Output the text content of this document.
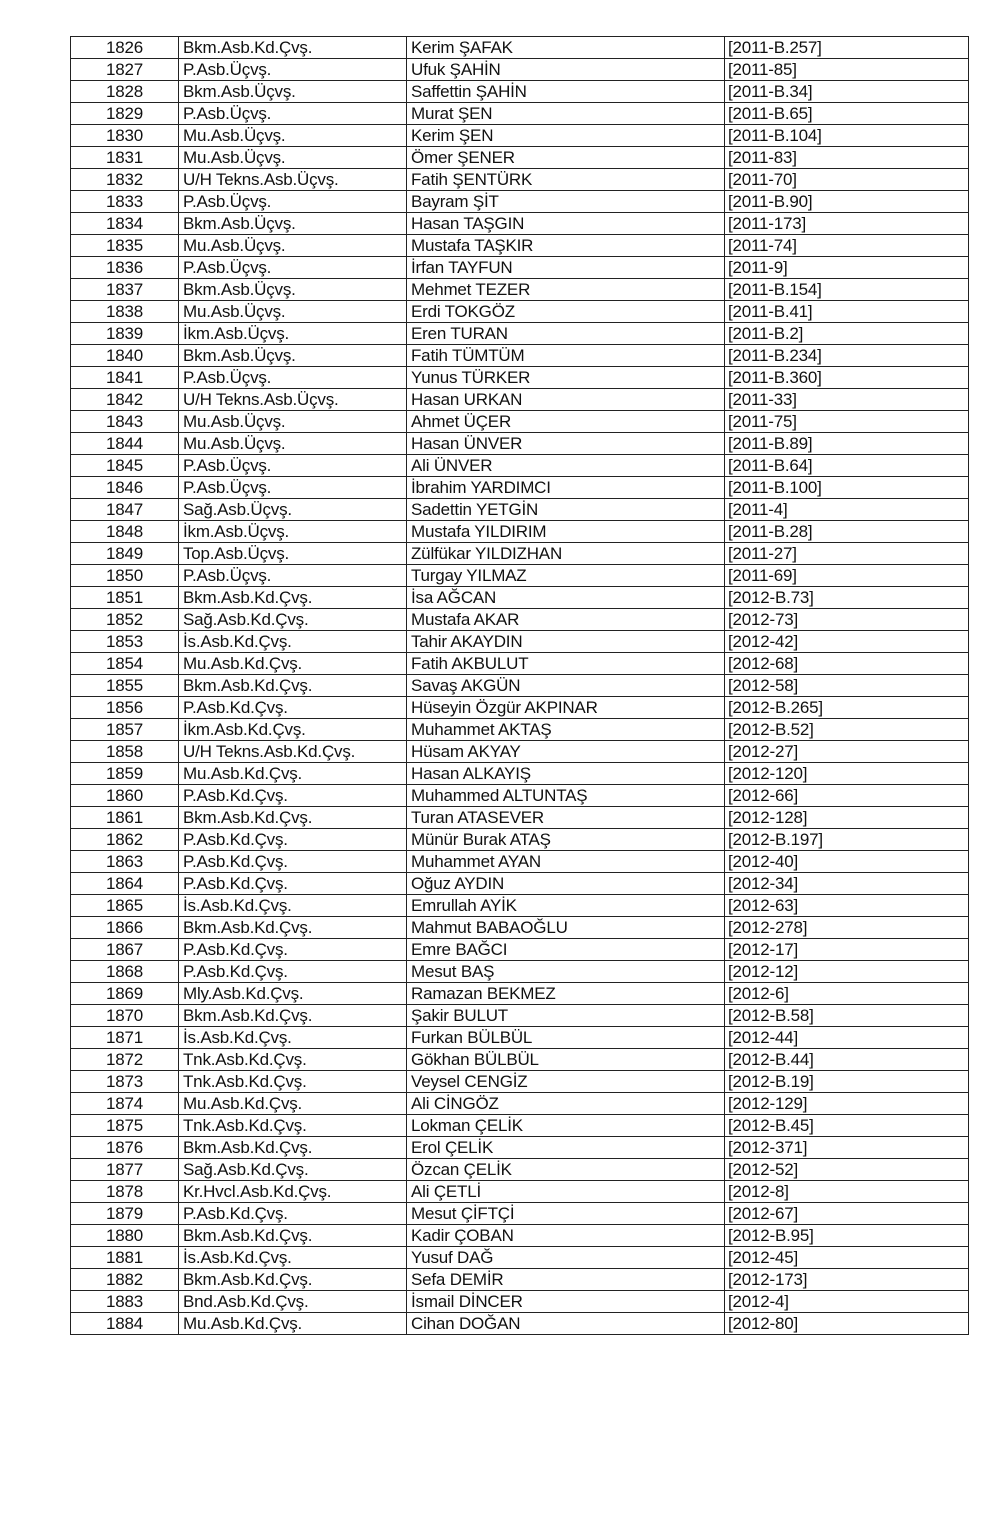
1826	Bkm.Asb.Kd.Çvş.	Kerim ŞAFAK	[2011-B.257]
1827	P.Asb.Üçvş.	Ufuk ŞAHİN	[2011-85]
1828	Bkm.Asb.Üçvş.	Saffettin ŞAHİN	[2011-B.34]
1829	P.Asb.Üçvş.	Murat ŞEN	[2011-B.65]
1830	Mu.Asb.Üçvş.	Kerim ŞEN	[2011-B.104]
1831	Mu.Asb.Üçvş.	Ömer ŞENER	[2011-83]
1832	U/H Tekns.Asb.Üçvş.	Fatih ŞENTÜRK	[2011-70]
1833	P.Asb.Üçvş.	Bayram ŞİT	[2011-B.90]
1834	Bkm.Asb.Üçvş.	Hasan TAŞGIN	[2011-173]
1835	Mu.Asb.Üçvş.	Mustafa TAŞKIR	[2011-74]
1836	P.Asb.Üçvş.	İrfan TAYFUN	[2011-9]
1837	Bkm.Asb.Üçvş.	Mehmet TEZER	[2011-B.154]
1838	Mu.Asb.Üçvş.	Erdi TOKGÖZ	[2011-B.41]
1839	İkm.Asb.Üçvş.	Eren TURAN	[2011-B.2]
1840	Bkm.Asb.Üçvş.	Fatih TÜMTÜM	[2011-B.234]
1841	P.Asb.Üçvş.	Yunus TÜRKER	[2011-B.360]
1842	U/H Tekns.Asb.Üçvş.	Hasan URKAN	[2011-33]
1843	Mu.Asb.Üçvş.	Ahmet ÜÇER	[2011-75]
1844	Mu.Asb.Üçvş.	Hasan ÜNVER	[2011-B.89]
1845	P.Asb.Üçvş.	Ali ÜNVER	[2011-B.64]
1846	P.Asb.Üçvş.	İbrahim YARDIMCI	[2011-B.100]
1847	Sağ.Asb.Üçvş.	Sadettin YETGİN	[2011-4]
1848	İkm.Asb.Üçvş.	Mustafa YILDIRIM	[2011-B.28]
1849	Top.Asb.Üçvş.	Zülfükar YILDIZHAN	[2011-27]
1850	P.Asb.Üçvş.	Turgay YILMAZ	[2011-69]
1851	Bkm.Asb.Kd.Çvş.	İsa AĞCAN	[2012-B.73]
1852	Sağ.Asb.Kd.Çvş.	Mustafa AKAR	[2012-73]
1853	İs.Asb.Kd.Çvş.	Tahir AKAYDIN	[2012-42]
1854	Mu.Asb.Kd.Çvş.	Fatih AKBULUT	[2012-68]
1855	Bkm.Asb.Kd.Çvş.	Savaş AKGÜN	[2012-58]
1856	P.Asb.Kd.Çvş.	Hüseyin Özgür AKPINAR	[2012-B.265]
1857	İkm.Asb.Kd.Çvş.	Muhammet AKTAŞ	[2012-B.52]
1858	U/H Tekns.Asb.Kd.Çvş.	Hüsam AKYAY	[2012-27]
1859	Mu.Asb.Kd.Çvş.	Hasan ALKAYIŞ	[2012-120]
1860	P.Asb.Kd.Çvş.	Muhammed ALTUNTAŞ	[2012-66]
1861	Bkm.Asb.Kd.Çvş.	Turan ATASEVER	[2012-128]
1862	P.Asb.Kd.Çvş.	Münür Burak ATAŞ	[2012-B.197]
1863	P.Asb.Kd.Çvş.	Muhammet AYAN	[2012-40]
1864	P.Asb.Kd.Çvş.	Oğuz AYDIN	[2012-34]
1865	İs.Asb.Kd.Çvş.	Emrullah AYİK	[2012-63]
1866	Bkm.Asb.Kd.Çvş.	Mahmut BABAOĞLU	[2012-278]
1867	P.Asb.Kd.Çvş.	Emre BAĞCI	[2012-17]
1868	P.Asb.Kd.Çvş.	Mesut BAŞ	[2012-12]
1869	Mly.Asb.Kd.Çvş.	Ramazan BEKMEZ	[2012-6]
1870	Bkm.Asb.Kd.Çvş.	Şakir BULUT	[2012-B.58]
1871	İs.Asb.Kd.Çvş.	Furkan BÜLBÜL	[2012-44]
1872	Tnk.Asb.Kd.Çvş.	Gökhan BÜLBÜL	[2012-B.44]
1873	Tnk.Asb.Kd.Çvş.	Veysel CENGİZ	[2012-B.19]
1874	Mu.Asb.Kd.Çvş.	Ali CİNGÖZ	[2012-129]
1875	Tnk.Asb.Kd.Çvş.	Lokman ÇELİK	[2012-B.45]
1876	Bkm.Asb.Kd.Çvş.	Erol ÇELİK	[2012-371]
1877	Sağ.Asb.Kd.Çvş.	Özcan ÇELİK	[2012-52]
1878	Kr.Hvcl.Asb.Kd.Çvş.	Ali ÇETLİ	[2012-8]
1879	P.Asb.Kd.Çvş.	Mesut ÇİFTÇİ	[2012-67]
1880	Bkm.Asb.Kd.Çvş.	Kadir ÇOBAN	[2012-B.95]
1881	İs.Asb.Kd.Çvş.	Yusuf DAĞ	[2012-45]
1882	Bkm.Asb.Kd.Çvş.	Sefa DEMİR	[2012-173]
1883	Bnd.Asb.Kd.Çvş.	İsmail DİNCER	[2012-4]
1884	Mu.Asb.Kd.Çvş.	Cihan DOĞAN	[2012-80]
